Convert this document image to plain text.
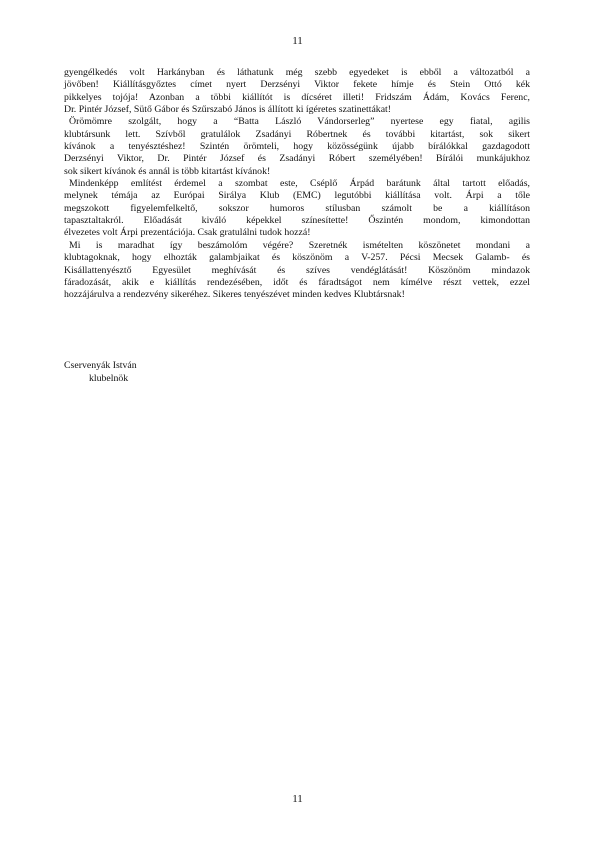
11

gyengélkedés volt Harkányban és láthatunk még szebb egyedeket is ebből a változatból a
jövőben! Kiállításgyőztes címet nyert Derzsényi Viktor fekete hímje és Stein Ottó kék
pikkelyes tojója! Azonban a többi kiállítót is dícséret illeti! Fridszám Ádám, Kovács Ferenc,
Dr. Pintér József, Sütő Gábor és Szűrszabó János is állított ki ígéretes szatinettákat!

Örömömre szolgált, hogy a “Batta László Vándorserleg” nyertese egy fiatal, agilis
klubtársunk lett. Szívből gratulálok Zsadányi Róbertnek és további kitartást, sok sikert
kívánok a tenyésztéshez! Szintén örömteli, hogy közösségünk újabb bírálókkal gazdagodott
Derzsényi Viktor, Dr. Pintér József és Zsadányi Róbert személyében! Bírálói munkájukhoz
sok sikert kívánok és annál is több kitartást kívánok!

Mindenképp említést érdemel a szombat este, Cséplő Árpád barátunk által tartott előadás,
melynek témája az Európai Sirálya Klub (EMC) legutóbbi kiállítása volt. Árpi a tőle
megszokott figyelemfelkeltő, sokszor humoros stílusban számolt be a kiállításon
tapasztaltakról. Előadását kiváló képekkel színesítette! Őszintén mondom, kimondottan
élvezetes volt Árpi prezentációja. Csak gratulálni tudok hozzá!

Mi is maradhat így beszámolóm végére? Szeretnék ismételten köszönetet mondani a
klubtagoknak, hogy elhozták galambjaikat és köszönöm a V-257. Pécsi Mecsek Galamb- és
Kisállattenyésztő Egyesület meghívását és szíves vendéglátását! Köszönöm mindazok
fáradozását, akik e kiállítás rendezésében, időt és fáradtságot nem kímélve részt vettek, ezzel
hozzájárulva a rendezvény sikeréhez. Sikeres tenyészévet minden kedves Klubtársnak!

Cservenyák István
klubelnök
11
